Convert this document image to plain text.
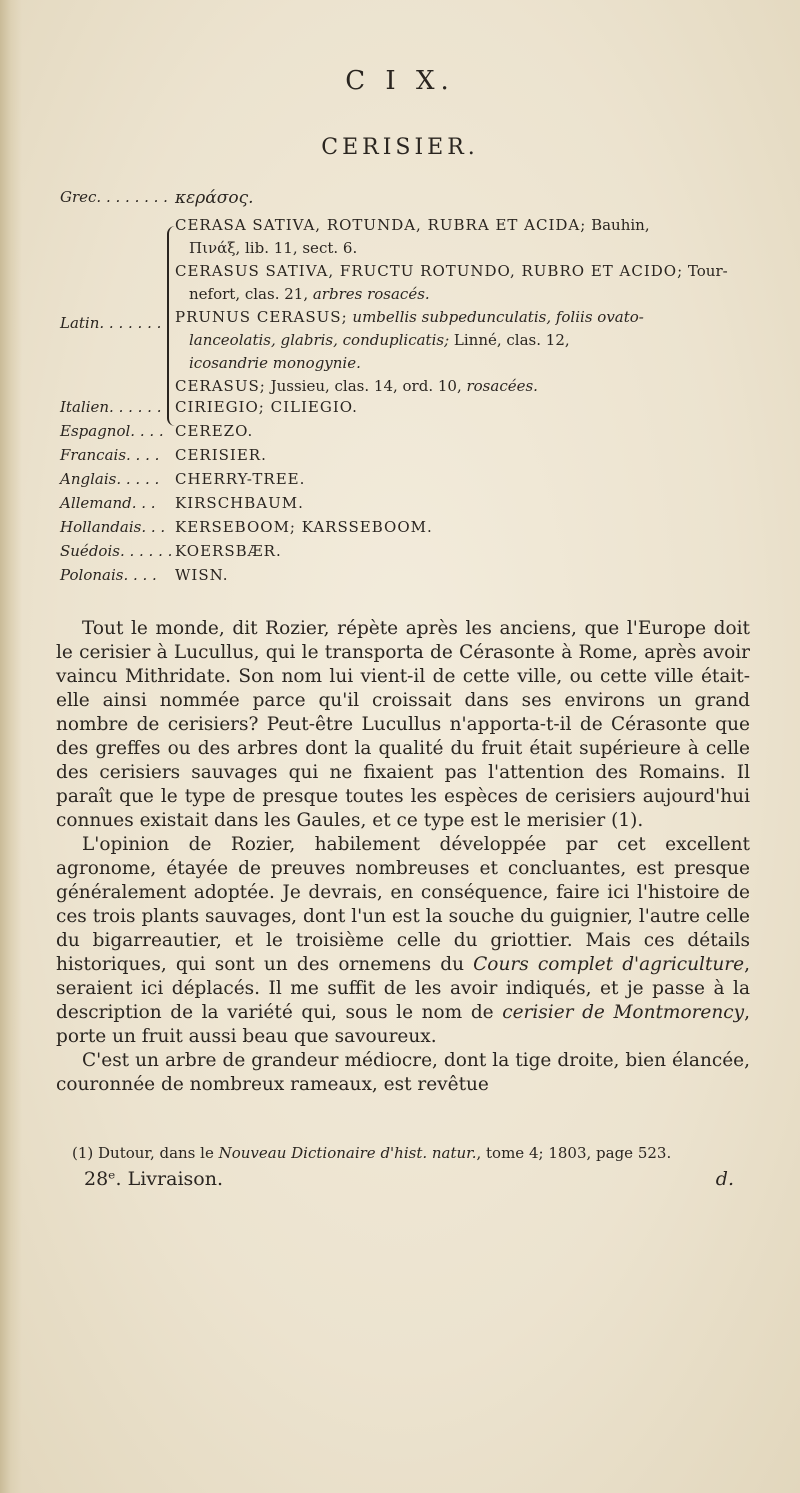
C I X.
CERISIER.
Grec. . . . . . . . κεράσος.
Latin. . . . . . .

CERASA SATIVA, ROTUNDA, RUBRA ET ACIDA; Bauhin,

Πινάξ, lib. 11, sect. 6.

CERASUS SATIVA, FRUCTU ROTUNDO, RUBRO ET ACIDO; Tour-

nefort, clas. 21, arbres rosacés.

PRUNUS CERASUS; umbellis subpedunculatis, foliis ovato-

lanceolatis, glabris, conduplicatis; Linné, clas. 12,

icosandrie monogynie.

CERASUS; Jussieu, clas. 14, ord. 10, rosacées.

Italien. . . . . . CIRIEGIO; CILIEGIO.
Espagnol. . . . CEREZO.
Francais. . . .	CERISIER.
Anglais. . . . .	CHERRY-TREE.
Allemand. . .	KIRSCHBAUM.
Hollandais. . . KERSEBOOM; KARSSEBOOM.
Suédois. . . . . . KOERSBÆR.
Polonais. . . .	WISN.

Tout le monde, dit Rozier, répète après les anciens, que l'Europe doit le cerisier à Lucullus, qui le transporta de Cérasonte à Rome, après avoir vaincu Mithridate. Son nom lui vient-il de cette ville, ou cette ville était-elle ainsi nommée parce qu'il croissait dans ses environs un grand nombre de cerisiers? Peut-être Lucullus n'apporta-t-il de Cérasonte que des greffes ou des arbres dont la qualité du fruit était supérieure à celle des cerisiers sauvages qui ne fixaient pas l'attention des Romains. Il paraît que le type de presque toutes les espèces de cerisiers aujourd'hui connues existait dans les Gaules, et ce type est le merisier (1).

L'opinion de Rozier, habilement développée par cet excellent agronome, étayée de preuves nombreuses et concluantes, est presque généralement adoptée. Je devrais, en conséquence, faire ici l'histoire de ces trois plants sauvages, dont l'un est la souche du guignier, l'autre celle du bigarreautier, et le troisième celle du griottier. Mais ces détails historiques, qui sont un des ornemens du Cours complet d'agriculture, seraient ici déplacés. Il me suffit de les avoir indiqués, et je passe à la description de la variété qui, sous le nom de cerisier de Montmorency, porte un fruit aussi beau que savoureux.

C'est un arbre de grandeur médiocre, dont la tige droite, bien élancée, couronnée de nombreux rameaux, est revêtue

(1) Dutour, dans le Nouveau Dictionaire d'hist. natur., tome 4; 1803, page 523.

28ᵉ. Livraison.	d.
